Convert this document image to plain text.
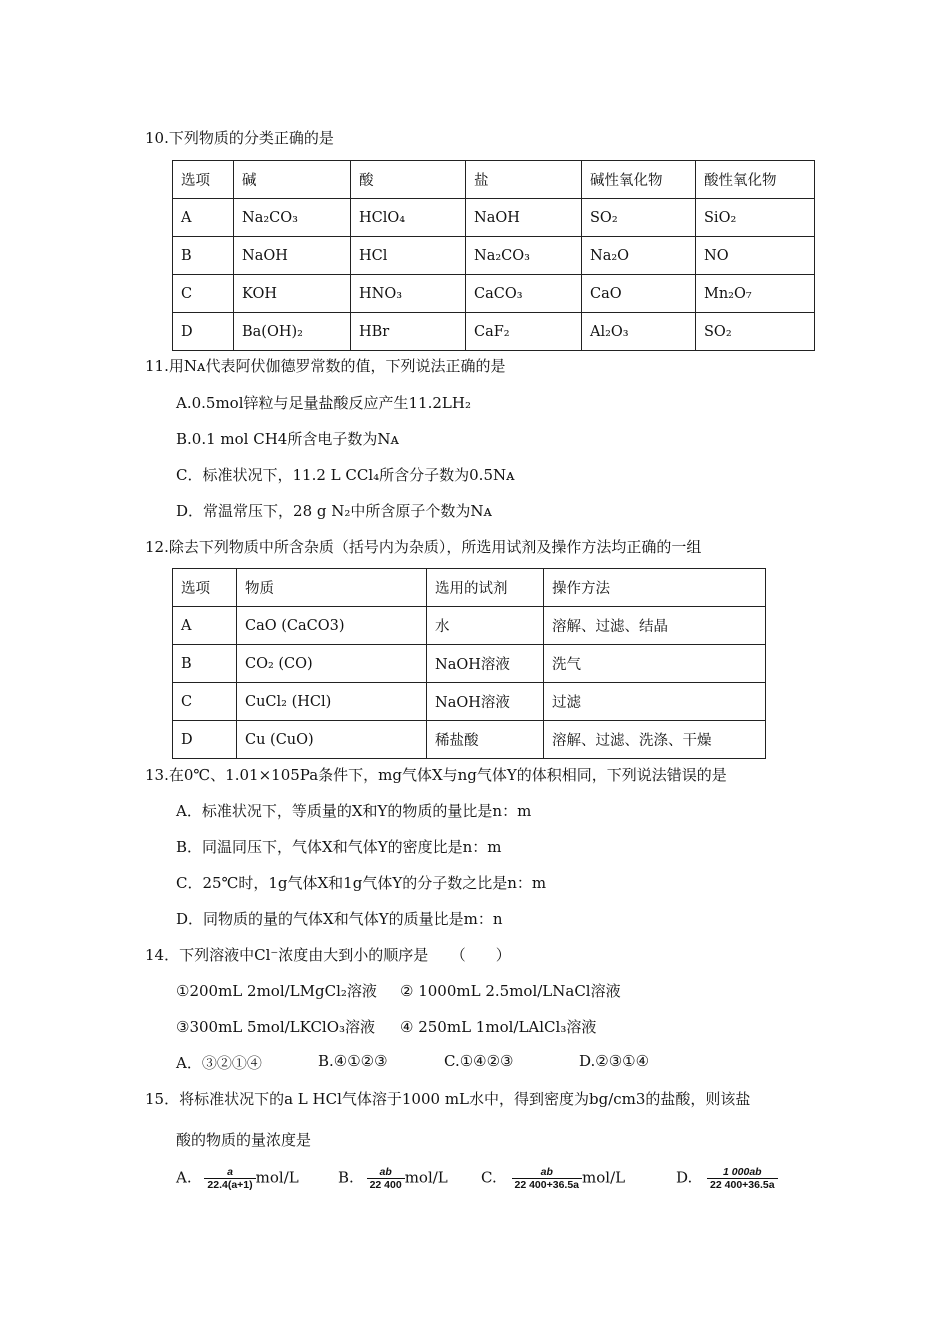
10.下列物质的分类正确的是
选项	碱	酸	盐	碱性氧化物	酸性氧化物
A	Na₂CO₃	HClO₄	NaOH	SO₂	SiO₂
B	NaOH	HCl	Na₂CO₃	Na₂O	NO
C	KOH	HNO₃	CaCO₃	CaO	Mn₂O₇
D	Ba(OH)₂	HBr	CaF₂	Al₂O₃	SO₂
11.用Nᴀ代表阿伏伽德罗常数的值，下列说法正确的是
A.0.5mol锌粒与足量盐酸反应产生11.2LH₂
B.0.1 mol CH4所含电子数为Nᴀ
C．标准状况下，11.2 L CCl₄所含分子数为0.5Nᴀ
D．常温常压下，28 g N₂中所含原子个数为Nᴀ
12.除去下列物质中所含杂质（括号内为杂质），所选用试剂及操作方法均正确的一组
选项	物质	选用的试剂	操作方法
A	CaO (CaCO3)	水	溶解、过滤、结晶
B	CO₂ (CO)	NaOH溶液	洗气
C	CuCl₂ (HCl)	NaOH溶液	过滤
D	Cu (CuO)	稀盐酸	溶解、过滤、洗涤、干燥
13.在0℃、1.01×105Pa条件下，mg气体X与ng气体Y的体积相同，下列说法错误的是
A．标准状况下，等质量的X和Y的物质的量比是n：m
B．同温同压下，气体X和气体Y的密度比是n：m
C．25℃时，1g气体X和1g气体Y的分子数之比是n：m
D．同物质的量的气体X和气体Y的质量比是m：n
14．下列溶液中Cl⁻浓度由大到小的顺序是　　（　　）
①200mL 2mol/LMgCl₂溶液 ② 1000mL 2.5mol/LNaCl溶液
③300mL 5mol/LKClO₃溶液 ④ 250mL 1mol/LAlCl₃溶液
A．③②①④	B.④①②③	C.①④②③	D.②③①④
15．将标准状况下的a L HCl气体溶于1000 mL水中，得到密度为bg/cm3的盐酸，则该盐
酸的物质的量浓度是
A. $\frac{a}{22.4(a+1)} mol/L$	B. $\frac{ab}{22 400} mol/L$ C. $\frac{ab}{22 400+36.5a} mol/L$	D. $\frac{1 000ab}{22 400+36.5a}$
